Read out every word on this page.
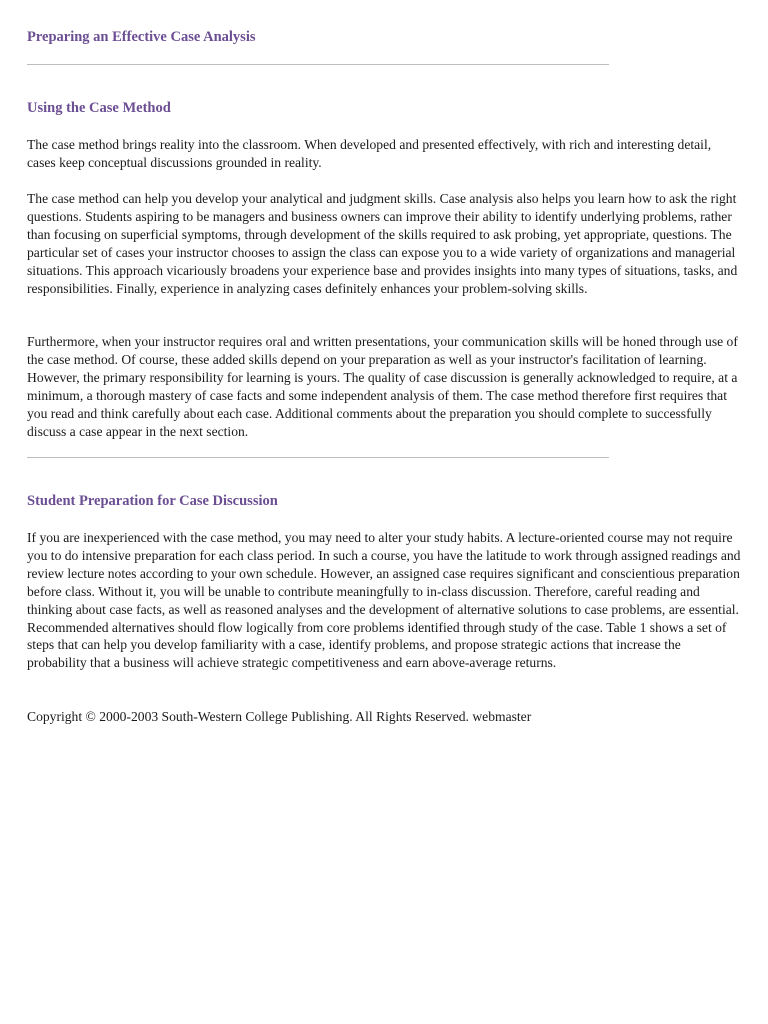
Preparing an Effective Case Analysis
Using the Case Method

The case method brings reality into the classroom. When developed and presented effectively, with rich and interesting detail, cases keep conceptual discussions grounded in reality.

The case method can help you develop your analytical and judgment skills. Case analysis also helps you learn how to ask the right questions. Students aspiring to be managers and business owners can improve their ability to identify underlying problems, rather than focusing on superficial symptoms, through development of the skills required to ask probing, yet appropriate, questions. The particular set of cases your instructor chooses to assign the class can expose you to a wide variety of organizations and managerial situations. This approach vicariously broadens your experience base and provides insights into many types of situations, tasks, and responsibilities. Finally, experience in analyzing cases definitely enhances your problem-solving skills.

Furthermore, when your instructor requires oral and written presentations, your communication skills will be honed through use of the case method. Of course, these added skills depend on your preparation as well as your instructor's facilitation of learning. However, the primary responsibility for learning is yours. The quality of case discussion is generally acknowledged to require, at a minimum, a thorough mastery of case facts and some independent analysis of them. The case method therefore first requires that you read and think carefully about each case. Additional comments about the preparation you should complete to successfully discuss a case appear in the next section.

Student Preparation for Case Discussion

If you are inexperienced with the case method, you may need to alter your study habits. A lecture-oriented course may not require you to do intensive preparation for each class period. In such a course, you have the latitude to work through assigned readings and review lecture notes according to your own schedule. However, an assigned case requires significant and conscientious preparation before class. Without it, you will be unable to contribute meaningfully to in-class discussion. Therefore, careful reading and thinking about case facts, as well as reasoned analyses and the development of alternative solutions to case problems, are essential. Recommended alternatives should flow logically from core problems identified through study of the case. Table 1 shows a set of steps that can help you develop familiarity with a case, identify problems, and propose strategic actions that increase the probability that a business will achieve strategic competitiveness and earn above-average returns.

Copyright © 2000-2003 South-Western College Publishing. All Rights Reserved. webmaster
